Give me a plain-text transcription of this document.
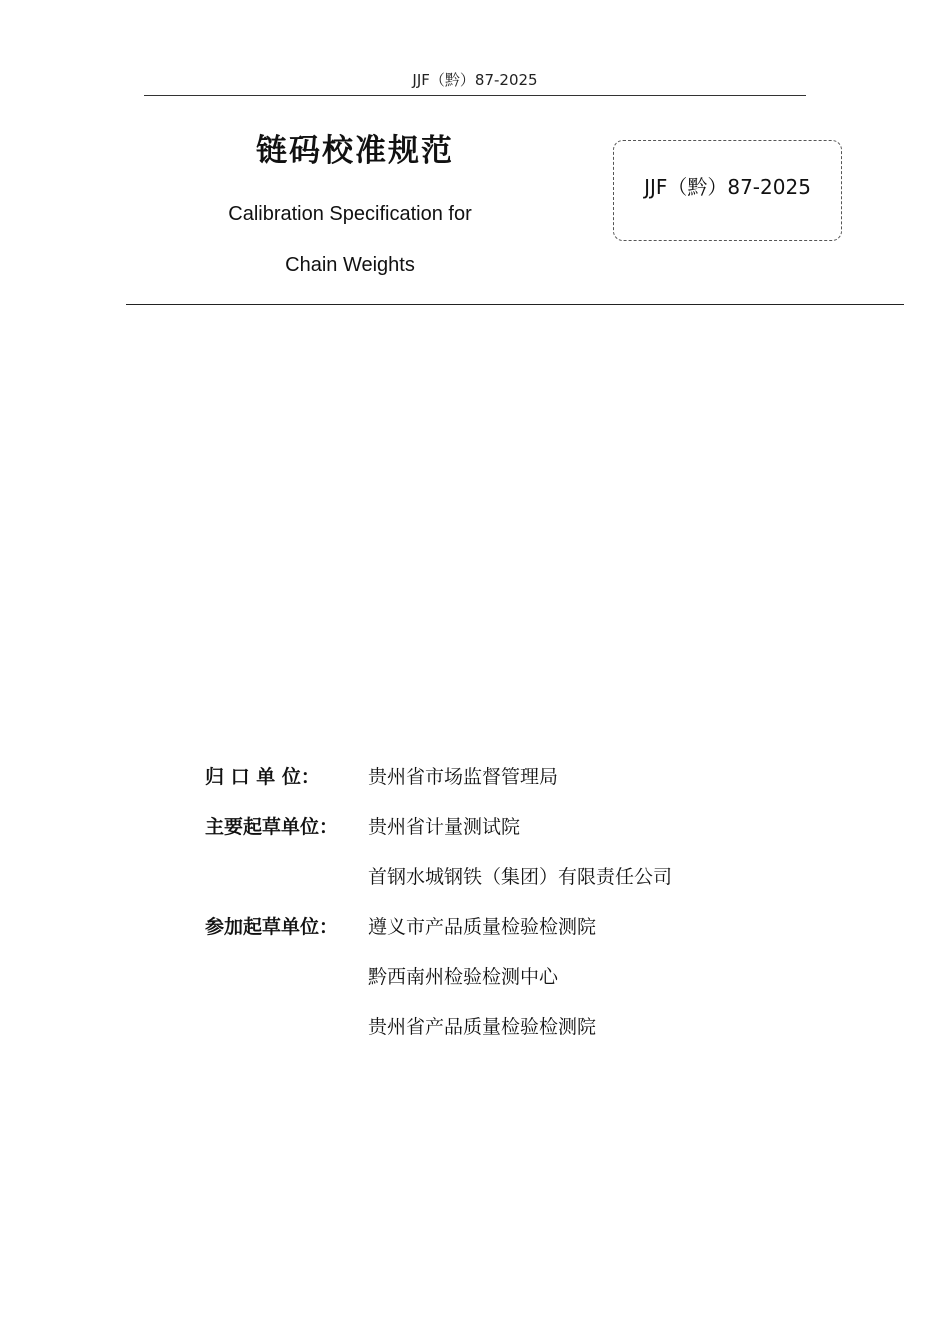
JJF（黔）87-2025
链码校准规范
Calibration Specification for
Chain Weights
JJF（黔）87-2025
归 口 单 位：	贵州省市场监督管理局
主要起草单位：	贵州省计量测试院
首钢水城钢铁（集团）有限责任公司
参加起草单位：	遵义市产品质量检验检测院
黔西南州检验检测中心
贵州省产品质量检验检测院
